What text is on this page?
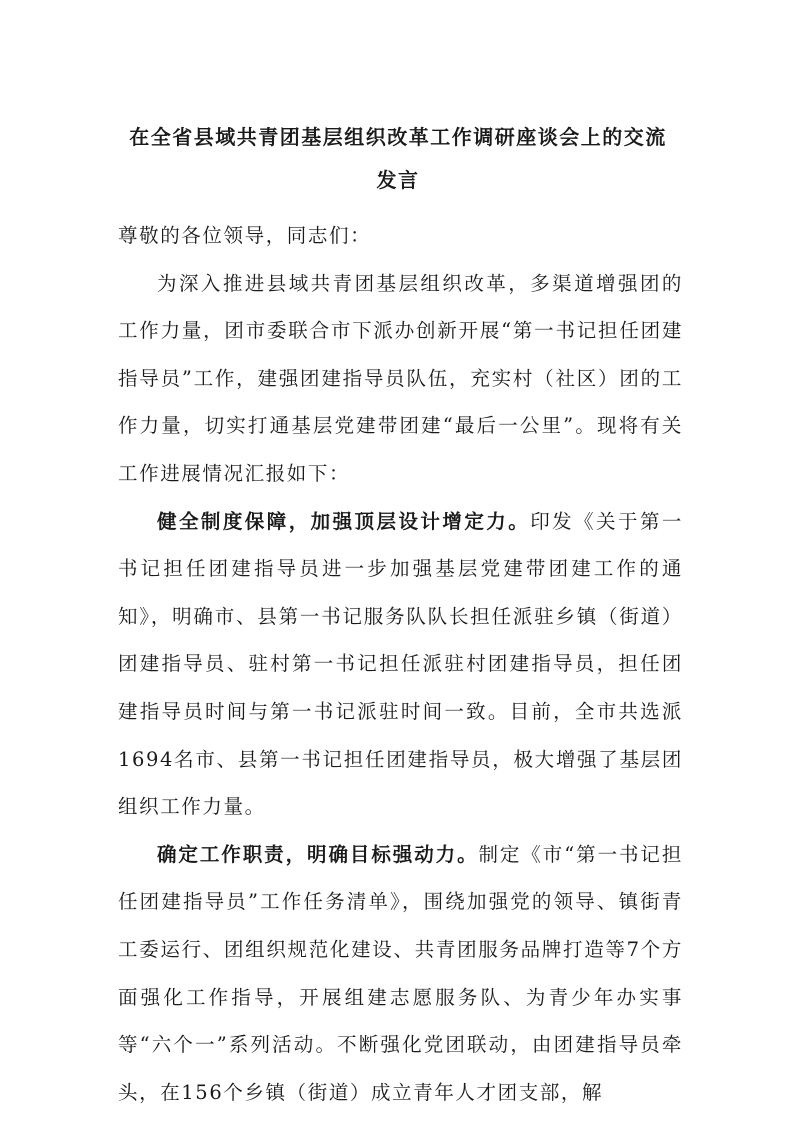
在全省县域共青团基层组织改革工作调研座谈会上的交流
发言

尊敬的各位领导，同志们：

为深入推进县域共青团基层组织改革，多渠道增强团的工作力量，团市委联合市下派办创新开展“第一书记担任团建指导员”工作，建强团建指导员队伍，充实村（社区）团的工作力量，切实打通基层党建带团建“最后一公里”。现将有关工作进展情况汇报如下：

健全制度保障，加强顶层设计增定力。印发《关于第一书记担任团建指导员进一步加强基层党建带团建工作的通知》，明确市、县第一书记服务队队长担任派驻乡镇（街道）团建指导员、驻村第一书记担任派驻村团建指导员，担任团建指导员时间与第一书记派驻时间一致。目前，全市共选派1694名市、县第一书记担任团建指导员，极大增强了基层团组织工作力量。

确定工作职责，明确目标强动力。制定《市“第一书记担任团建指导员”工作任务清单》，围绕加强党的领导、镇街青工委运行、团组织规范化建设、共青团服务品牌打造等7个方面强化工作指导，开展组建志愿服务队、为青少年办实事等“六个一”系列活动。不断强化党团联动，由团建指导员牵头，在156个乡镇（街道）成立青年人才团支部，解
